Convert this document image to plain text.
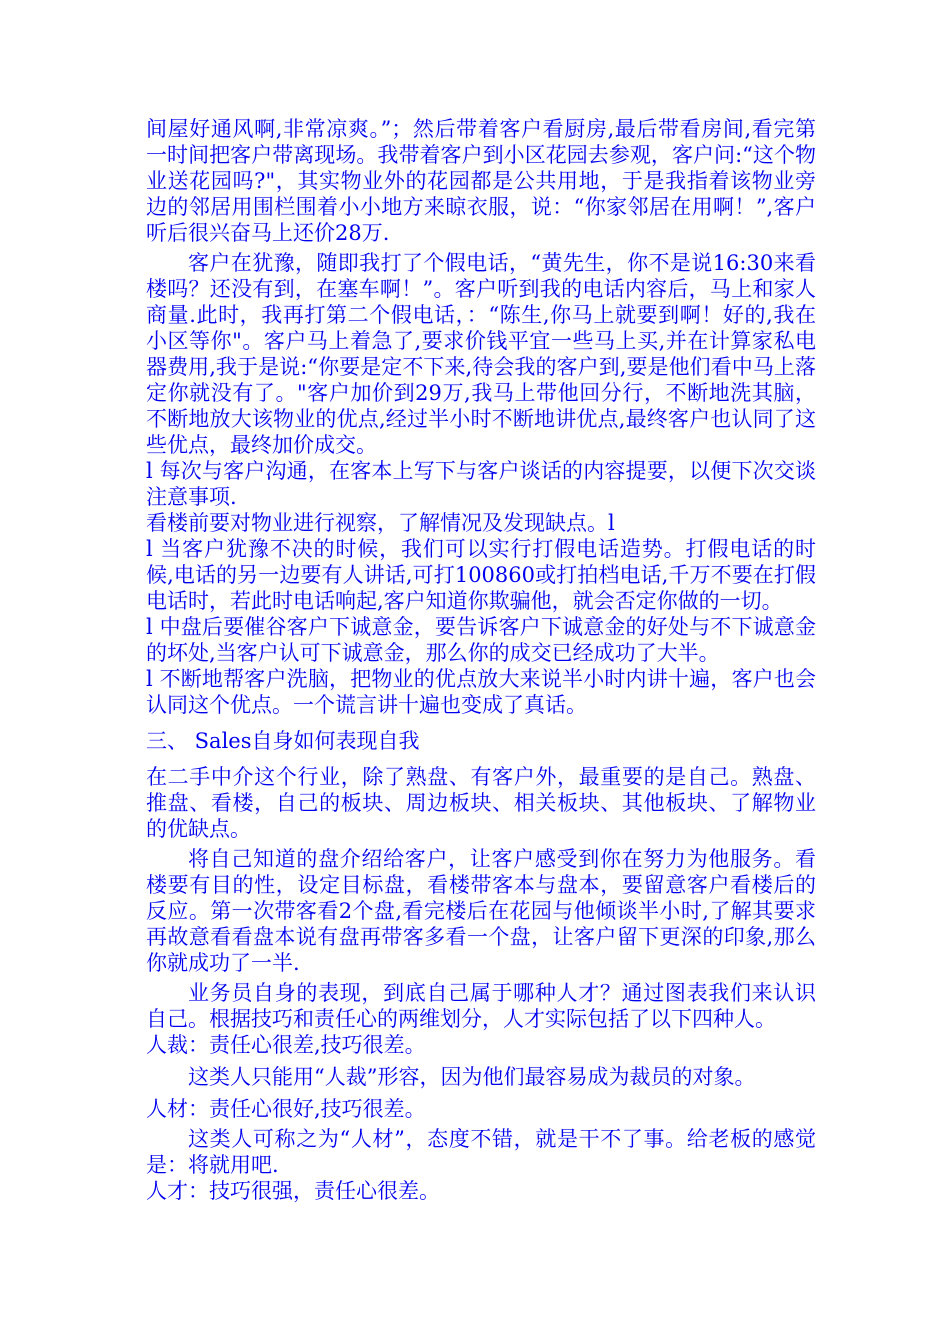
间屋好通风啊,非常凉爽。”；然后带着客户看厨房,最后带看房间,看完第一时间把客户带离现场。我带着客户到小区花园去参观，客户问:“这个物业送花园吗?"，其实物业外的花园都是公共用地，于是我指着该物业旁边的邻居用围栏围着小小地方来晾衣服，说：“你家邻居在用啊！”,客户听后很兴奋马上还价28万.

客户在犹豫，随即我打了个假电话，“黄先生，你不是说16:30来看楼吗？还没有到，在塞车啊！”。客户听到我的电话内容后，马上和家人商量.此时，我再打第二个假电话，：“陈生,你马上就要到啊！好的,我在小区等你"。客户马上着急了,要求价钱平宜一些马上买,并在计算家私电器费用,我于是说:“你要是定不下来,待会我的客户到,要是他们看中马上落定你就没有了。"客户加价到29万,我马上带他回分行，不断地洗其脑，不断地放大该物业的优点,经过半小时不断地讲优点,最终客户也认同了这些优点，最终加价成交。

l 每次与客户沟通，在客本上写下与客户谈话的内容提要，以便下次交谈注意事项.

看楼前要对物业进行视察，了解情况及发现缺点。l

l 当客户犹豫不决的时候，我们可以实行打假电话造势。打假电话的时候,电话的另一边要有人讲话,可打100860或打拍档电话,千万不要在打假电话时，若此时电话响起,客户知道你欺骗他，就会否定你做的一切。

l 中盘后要催谷客户下诚意金，要告诉客户下诚意金的好处与不下诚意金的坏处,当客户认可下诚意金，那么你的成交已经成功了大半。

l 不断地帮客户洗脑，把物业的优点放大来说半小时内讲十遍，客户也会认同这个优点。一个谎言讲十遍也变成了真话。

三、 Sales自身如何表现自我

在二手中介这个行业，除了熟盘、有客户外，最重要的是自己。熟盘、推盘、看楼，自己的板块、周边板块、相关板块、其他板块、了解物业的优缺点。

将自己知道的盘介绍给客户，让客户感受到你在努力为他服务。看楼要有目的性，设定目标盘，看楼带客本与盘本，要留意客户看楼后的反应。第一次带客看2个盘,看完楼后在花园与他倾谈半小时,了解其要求再故意看看盘本说有盘再带客多看一个盘，让客户留下更深的印象,那么你就成功了一半.

业务员自身的表现，到底自己属于哪种人才？通过图表我们来认识自己。根据技巧和责任心的两维划分，人才实际包括了以下四种人。

人裁：责任心很差,技巧很差。

这类人只能用“人裁”形容，因为他们最容易成为裁员的对象。

人材：责任心很好,技巧很差。

这类人可称之为“人材”，态度不错，就是干不了事。给老板的感觉是：将就用吧.

人才：技巧很强，责任心很差。
